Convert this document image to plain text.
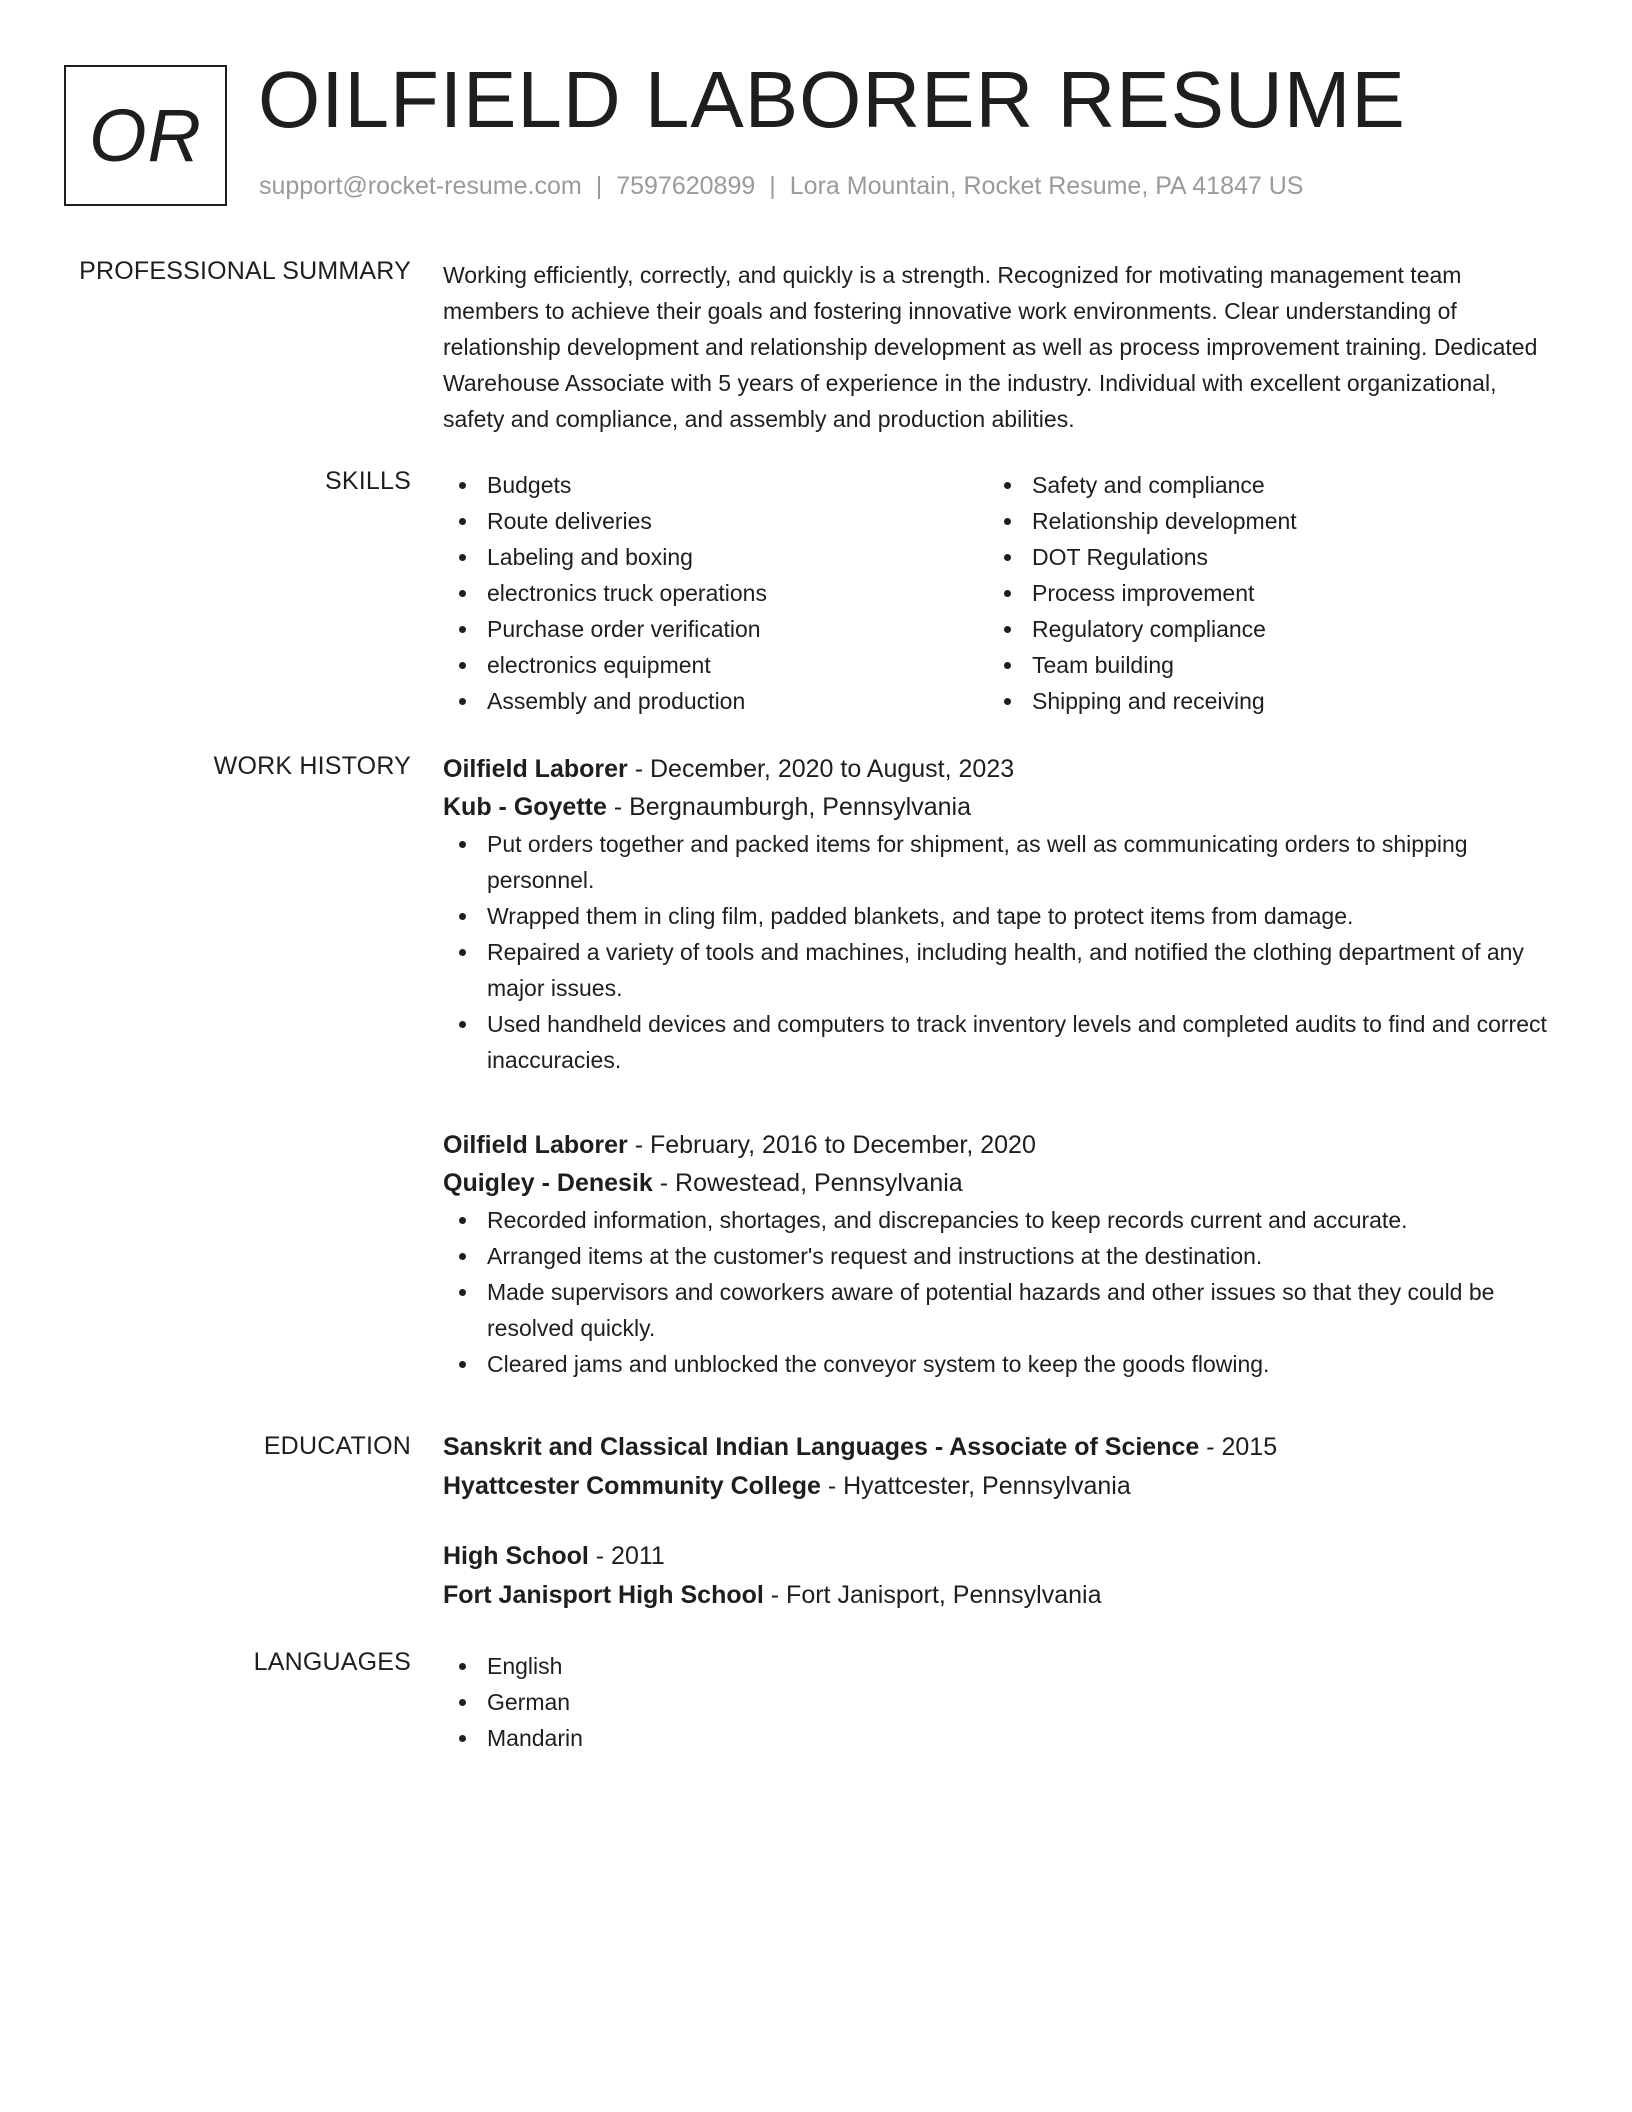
OR OILFIELD LABORER RESUME
support@rocket-resume.com | 7597620899 | Lora Mountain, Rocket Resume, PA 41847 US
PROFESSIONAL SUMMARY Working efficiently, correctly, and quickly is a strength. Recognized for motivating management team members to achieve their goals and fostering innovative work environments. Clear understanding of relationship development and relationship development as well as process improvement training. Dedicated Warehouse Associate with 5 years of experience in the industry. Individual with excellent organizational, safety and compliance, and assembly and production abilities.
SKILLS	Budgets
Route deliveries
Labeling and boxing
electronics truck operations
Purchase order verification
electronics equipment
Assembly and production
Safety and compliance
Relationship development
DOT Regulations
Process improvement
Regulatory compliance
Team building
Shipping and receiving
WORK HISTORY Oilfield Laborer - December, 2020 to August, 2023
Kub - Goyette - Bergnaumburgh, Pennsylvania
Put orders together and packed items for shipment, as well as communicating orders to shipping personnel.
Wrapped them in cling film, padded blankets, and tape to protect items from damage.
Repaired a variety of tools and machines, including health, and notified the clothing department of any major issues.
Used handheld devices and computers to track inventory levels and completed audits to find and correct inaccuracies.
Oilfield Laborer - February, 2016 to December, 2020
Quigley - Denesik - Rowestead, Pennsylvania
Recorded information, shortages, and discrepancies to keep records current and accurate.
Arranged items at the customer's request and instructions at the destination.
Made supervisors and coworkers aware of potential hazards and other issues so that they could be resolved quickly.
Cleared jams and unblocked the conveyor system to keep the goods flowing.
EDUCATION Sanskrit and Classical Indian Languages - Associate of Science - 2015
Hyattcester Community College - Hyattcester, Pennsylvania
High School - 2011
Fort Janisport High School - Fort Janisport, Pennsylvania
LANGUAGES	English
German
Mandarin
